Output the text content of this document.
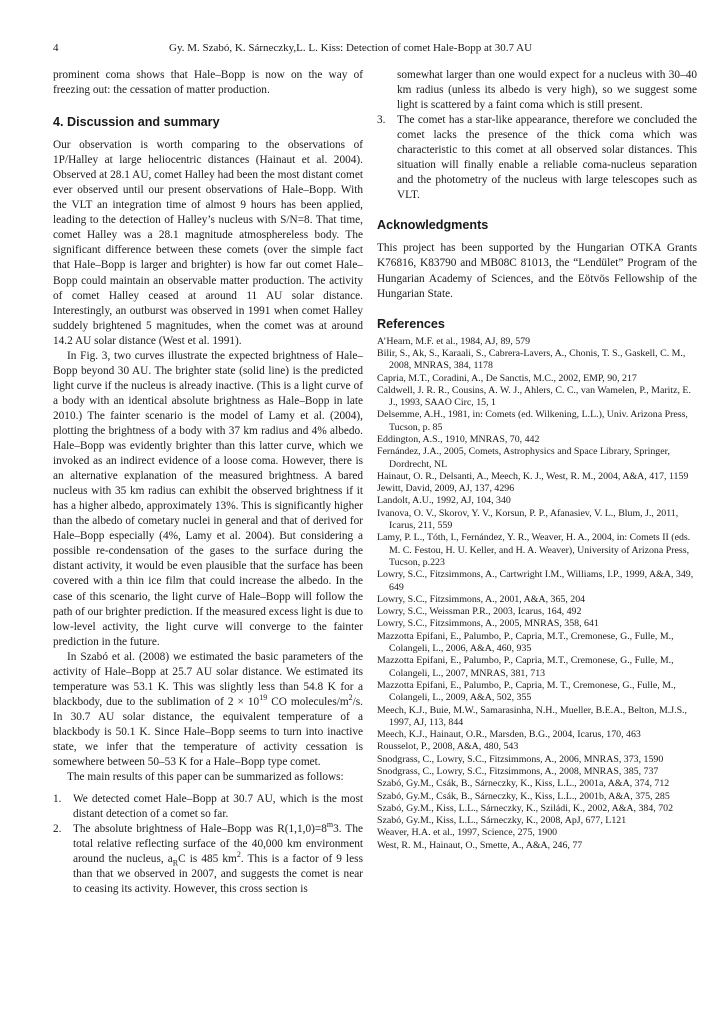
4	Gy. M. Szabó, K. Sárneczky,L. L. Kiss: Detection of comet Hale-Bopp at 30.7 AU

prominent coma shows that Hale–Bopp is now on the way of freezing out: the cessation of matter production.

4. Discussion and summary

Our observation is worth comparing to the observations of 1P/Halley at large heliocentric distances (Hainaut et al. 2004). Observed at 28.1 AU, comet Halley had been the most distant comet ever observed until our present observations of Hale–Bopp. With the VLT an integration time of almost 9 hours has been applied, leading to the detection of Halley’s nucleus with S/N=8. That time, comet Halley was a 28.1 magnitude atmosphereless body. The significant difference between these comets (over the simple fact that Hale–Bopp is larger and brighter) is how far out comet Hale–Bopp could maintain an observable matter production. The activity of comet Halley ceased at around 11 AU solar distance. Interestingly, an outburst was observed in 1991 when comet Halley suddely brightened 5 magnitudes, when the comet was at around 14.2 AU solar distance (West et al. 1991).

In Fig. 3, two curves illustrate the expected brightness of Hale–Bopp beyond 30 AU. The brighter state (solid line) is the predicted light curve if the nucleus is already inactive. (This is a light curve of a body with an identical absolute brightness as Hale–Bopp in late 2010.) The fainter scenario is the model of Lamy et al. (2004), plotting the brightness of a body with 37 km radius and 4% albedo. Hale–Bopp was evidently brighter than this latter curve, which we invoked as an indirect evidence of a loose coma. However, there is an alternative explanation of the measured brightness. A bared nucleus with 35 km radius can exhibit the observed brightness if it has a higher albedo, approximately 13%. This is significantly higher than the albedo of cometary nuclei in general and that of derived for Hale–Bopp especially (4%, Lamy et al. 2004). But considering a possible re-condensation of the gases to the surface during the distant activity, it would be even plausible that the surface has been covered with a thin ice film that could increase the albedo. In the case of this scenario, the light curve of Hale–Bopp will follow the path of our brighter prediction. If the measured excess light is due to low-level activity, the light curve will converge to the fainter prediction in the future.

In Szabó et al. (2008) we estimated the basic parameters of the activity of Hale–Bopp at 25.7 AU solar distance. We estimated its temperature was 53.1 K. This was slightly less than 54.8 K for a blackbody, due to the sublimation of $2 \times 10^{19}$ CO molecules/$m^2/s$. In 30.7 AU solar distance, the equivalent temperature of a blackbody is 50.1 K. Since Hale–Bopp seems to turn into inactive state, we infer that the temperature of activity cessation is somewhere between 50–53 K for a Hale–Bopp type comet.

The main results of this paper can be summarized as follows:

1. We detected comet Hale–Bopp at 30.7 AU, which is the most distant detection of a comet so far.
2. The absolute brightness of Hale–Bopp was $R(1,1,0)=8^m3$. The total relative reflecting surface of the 40,000 km environment around the nucleus, $a_RC$ is 485 $km^2$. This is a factor of 9 less than that we observed in 2007, and suggests the comet is near to ceasing its activity. However, this cross section is
somewhat larger than one would expect for a nucleus with 30–40 km radius (unless its albedo is very high), so we suggest some light is scattered by a faint coma which is still present.
3. The comet has a star-like appearance, therefore we concluded the comet lacks the presence of the thick coma which was characteristic to this comet at all observed solar distances. This situation will finally enable a reliable coma-nucleus separation and the photometry of the nucleus with large telescopes such as VLT.
Acknowledgments

This project has been supported by the Hungarian OTKA Grants K76816, K83790 and MB08C 81013, the “Lendület” Program of the Hungarian Academy of Sciences, and the Eötvös Fellowship of the Hungarian State.

References
A’Hearn, M.F. et al., 1984, AJ, 89, 579
Bilir, S., Ak, S., Karaali, S., Cabrera-Lavers, A., Chonis, T. S., Gaskell, C. M., 2008, MNRAS, 384, 1178
Capria, M.T., Coradini, A., De Sanctis, M.C., 2002, EMP, 90, 217
Caldwell, J. R. R., Cousins, A. W. J., Ahlers, C. C., van Wamelen, P., Maritz, E. J., 1993, SAAO Circ, 15, 1
Delsemme, A.H., 1981, in: Comets (ed. Wilkening, L.L.), Univ. Arizona Press, Tucson, p. 85
Eddington, A.S., 1910, MNRAS, 70, 442
Fernández, J.A., 2005, Comets, Astrophysics and Space Library, Springer, Dordrecht, NL
Hainaut, O. R., Delsanti, A., Meech, K. J., West, R. M., 2004, A&A, 417, 1159
Jewitt, David, 2009, AJ, 137, 4296
Landolt, A.U., 1992, AJ, 104, 340
Ivanova, O. V., Skorov, Y. V., Korsun, P. P., Afanasiev, V. L., Blum, J., 2011, Icarus, 211, 559
Lamy, P. L., Tóth, I., Fernández, Y. R., Weaver, H. A., 2004, in: Comets II (eds. M. C. Festou, H. U. Keller, and H. A. Weaver), University of Arizona Press, Tucson, p.223
Lowry, S.C., Fitzsimmons, A., Cartwright I.M., Williams, I.P., 1999, A&A, 349, 649
Lowry, S.C., Fitzsimmons, A., 2001, A&A, 365, 204
Lowry, S.C., Weissman P.R., 2003, Icarus, 164, 492
Lowry, S.C., Fitzsimmons, A., 2005, MNRAS, 358, 641
Mazzotta Epifani, E., Palumbo, P., Capria, M.T., Cremonese, G., Fulle, M., Colangeli, L., 2006, A&A, 460, 935
Mazzotta Epifani, E., Palumbo, P., Capria, M.T., Cremonese, G., Fulle, M., Colangeli, L., 2007, MNRAS, 381, 713
Mazzotta Epifani, E., Palumbo, P., Capria, M. T., Cremonese, G., Fulle, M., Colangeli, L., 2009, A&A, 502, 355
Meech, K.J., Buie, M.W., Samarasinha, N.H., Mueller, B.E.A., Belton, M.J.S., 1997, AJ, 113, 844
Meech, K.J., Hainaut, O.R., Marsden, B.G., 2004, Icarus, 170, 463
Rousselot, P., 2008, A&A, 480, 543
Snodgrass, C., Lowry, S.C., Fitzsimmons, A., 2006, MNRAS, 373, 1590
Snodgrass, C., Lowry, S.C., Fitzsimmons, A., 2008, MNRAS, 385, 737
Szabó, Gy.M., Csák, B., Sárneczky, K., Kiss, L.L., 2001a, A&A, 374, 712
Szabó, Gy.M., Csák, B., Sárneczky, K., Kiss, L.L., 2001b, A&A, 375, 285
Szabó, Gy.M., Kiss, L.L., Sárneczky, K., Sziládi, K., 2002, A&A, 384, 702
Szabó, Gy.M., Kiss, L.L., Sárneczky, K., 2008, ApJ, 677, L121
Weaver, H.A. et al., 1997, Science, 275, 1900
West, R. M., Hainaut, O., Smette, A., A&A, 246, 77
